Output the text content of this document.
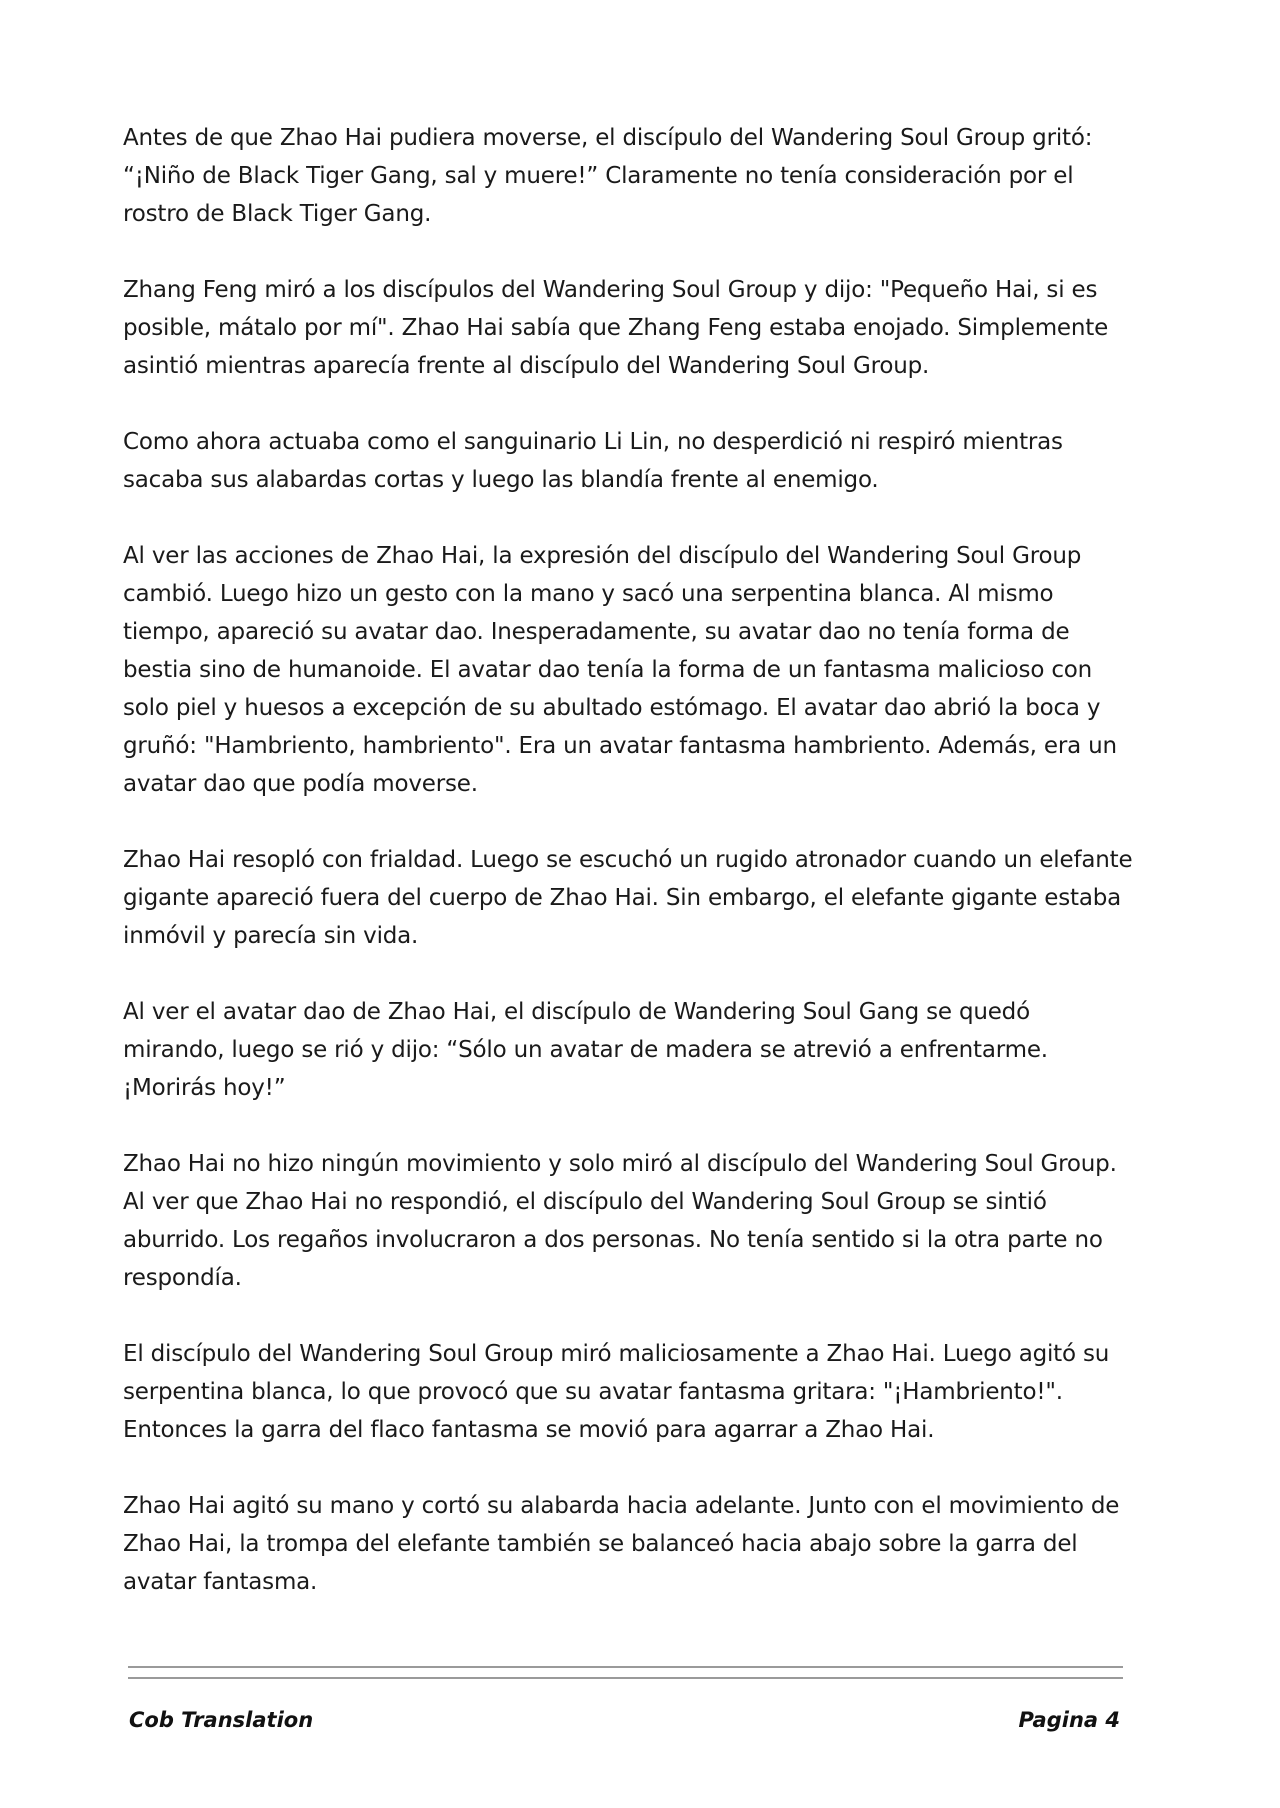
Antes de que Zhao Hai pudiera moverse, el discípulo del Wandering Soul Group gritó: “¡Niño de Black Tiger Gang, sal y muere!” Claramente no tenía consideración por el rostro de Black Tiger Gang.

Zhang Feng miró a los discípulos del Wandering Soul Group y dijo: "Pequeño Hai, si es posible, mátalo por mí". Zhao Hai sabía que Zhang Feng estaba enojado. Simplemente asintió mientras aparecía frente al discípulo del Wandering Soul Group.

Como ahora actuaba como el sanguinario Li Lin, no desperdició ni respiró mientras sacaba sus alabardas cortas y luego las blandía frente al enemigo.

Al ver las acciones de Zhao Hai, la expresión del discípulo del Wandering Soul Group cambió. Luego hizo un gesto con la mano y sacó una serpentina blanca. Al mismo tiempo, apareció su avatar dao. Inesperadamente, su avatar dao no tenía forma de bestia sino de humanoide. El avatar dao tenía la forma de un fantasma malicioso con solo piel y huesos a excepción de su abultado estómago. El avatar dao abrió la boca y gruñó: "Hambriento, hambriento". Era un avatar fantasma hambriento. Además, era un avatar dao que podía moverse.

Zhao Hai resopló con frialdad. Luego se escuchó un rugido atronador cuando un elefante gigante apareció fuera del cuerpo de Zhao Hai. Sin embargo, el elefante gigante estaba inmóvil y parecía sin vida.

Al ver el avatar dao de Zhao Hai, el discípulo de Wandering Soul Gang se quedó mirando, luego se rió y dijo: “Sólo un avatar de madera se atrevió a enfrentarme. ¡Morirás hoy!”

Zhao Hai no hizo ningún movimiento y solo miró al discípulo del Wandering Soul Group. Al ver que Zhao Hai no respondió, el discípulo del Wandering Soul Group se sintió aburrido. Los regaños involucraron a dos personas. No tenía sentido si la otra parte no respondía.

El discípulo del Wandering Soul Group miró maliciosamente a Zhao Hai. Luego agitó su serpentina blanca, lo que provocó que su avatar fantasma gritara: "¡Hambriento!". Entonces la garra del flaco fantasma se movió para agarrar a Zhao Hai.

Zhao Hai agitó su mano y cortó su alabarda hacia adelante. Junto con el movimiento de Zhao Hai, la trompa del elefante también se balanceó hacia abajo sobre la garra del avatar fantasma.

Cob Translation	Pagina 4
